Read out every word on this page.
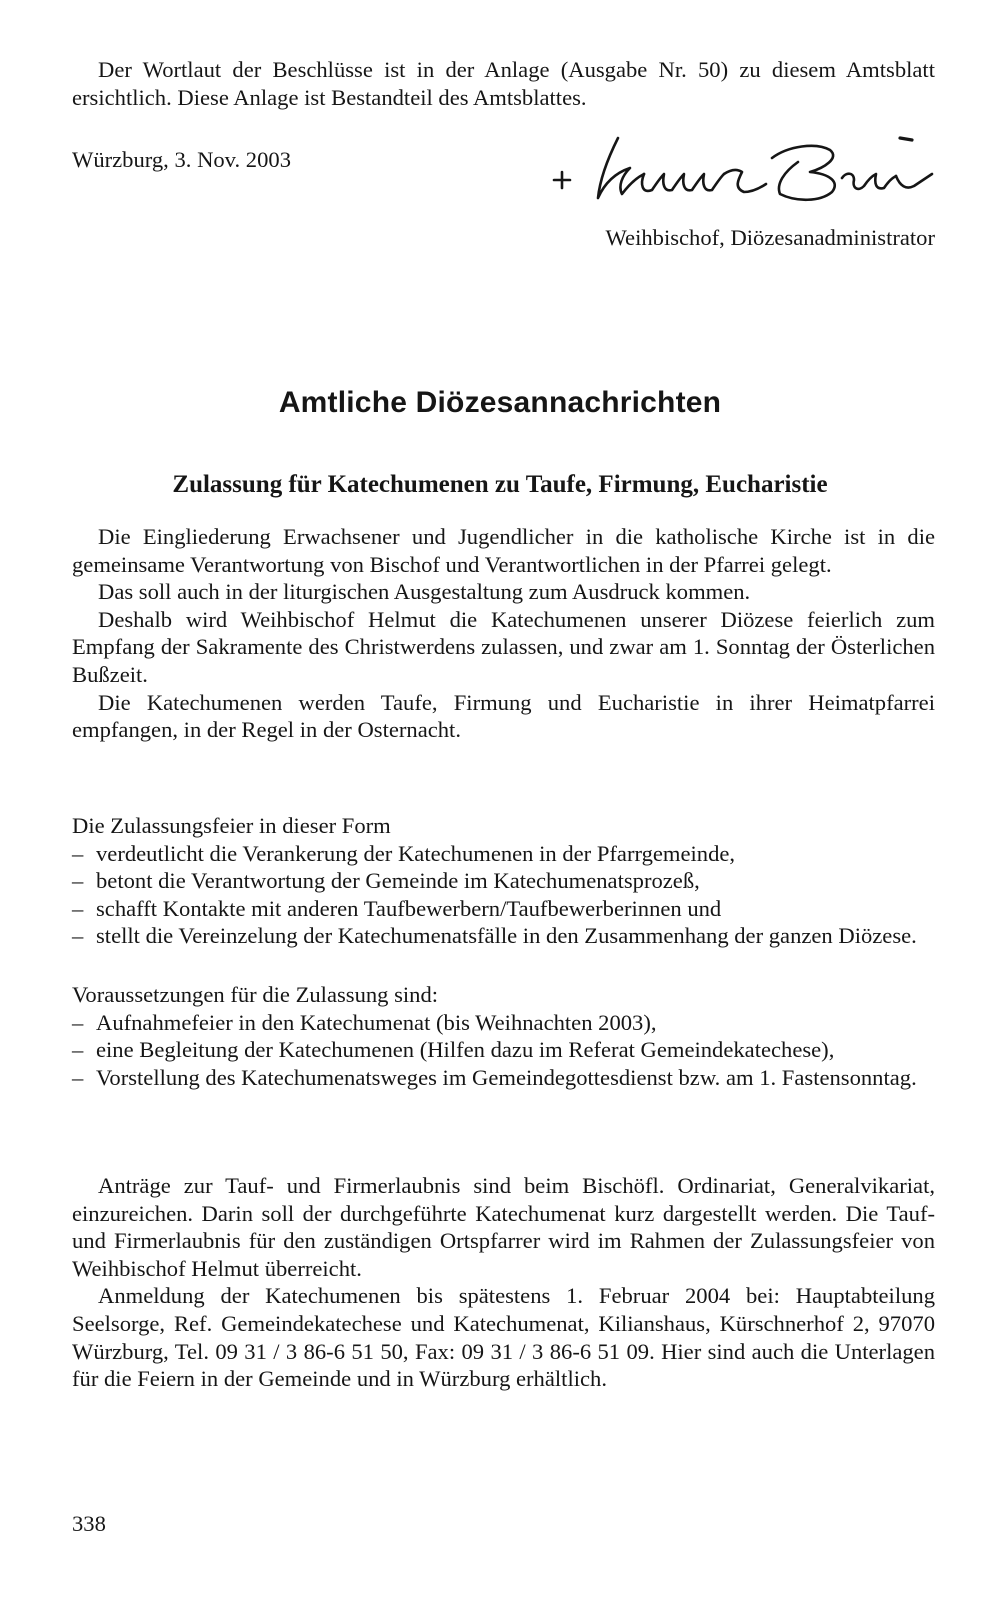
Der Wortlaut der Beschlüsse ist in der Anlage (Ausgabe Nr. 50) zu diesem Amtsblatt ersichtlich. Diese Anlage ist Bestandteil des Amtsblattes.

Würzburg, 3. Nov. 2003
Weihbischof, Diözesanadministrator
Amtliche Diözesannachrichten
Zulassung für Katechumenen zu Taufe, Firmung, Eucharistie

Die Eingliederung Erwachsener und Jugendlicher in die katholische Kirche ist in die gemeinsame Verantwortung von Bischof und Verantwortlichen in der Pfarrei gelegt.

Das soll auch in der liturgischen Ausgestaltung zum Ausdruck kommen.

Deshalb wird Weihbischof Helmut die Katechumenen unserer Diözese feierlich zum Empfang der Sakramente des Christwerdens zulassen, und zwar am 1. Sonntag der Österlichen Bußzeit.

Die Katechumenen werden Taufe, Firmung und Eucharistie in ihrer Heimatpfarrei empfangen, in der Regel in der Osternacht.

Die Zulassungsfeier in dieser Form

– verdeutlicht die Verankerung der Katechumenen in der Pfarrgemeinde,
– betont die Verantwortung der Gemeinde im Katechumenatsprozeß,
– schafft Kontakte mit anderen Taufbewerbern/Taufbewerberinnen und
– stellt die Vereinzelung der Katechumenatsfälle in den Zusammenhang der ganzen Diözese.

Voraussetzungen für die Zulassung sind:

– Aufnahmefeier in den Katechumenat (bis Weihnachten 2003),
– eine Begleitung der Katechumenen (Hilfen dazu im Referat Gemeindekatechese),
– Vorstellung des Katechumenatsweges im Gemeindegottesdienst bzw. am 1. Fastensonntag.

Anträge zur Tauf- und Firmerlaubnis sind beim Bischöfl. Ordinariat, Generalvikariat, einzureichen. Darin soll der durchgeführte Katechumenat kurz dargestellt werden. Die Tauf- und Firmerlaubnis für den zuständigen Ortspfarrer wird im Rahmen der Zulassungsfeier von Weihbischof Helmut überreicht.

Anmeldung der Katechumenen bis spätestens 1. Februar 2004 bei: Hauptabteilung Seelsorge, Ref. Gemeindekatechese und Katechumenat, Kilianshaus, Kürschnerhof 2, 97070 Würzburg, Tel. 09 31 / 3 86-6 51 50, Fax: 09 31 / 3 86-6 51 09. Hier sind auch die Unterlagen für die Feiern in der Gemeinde und in Würzburg erhältlich.

338
